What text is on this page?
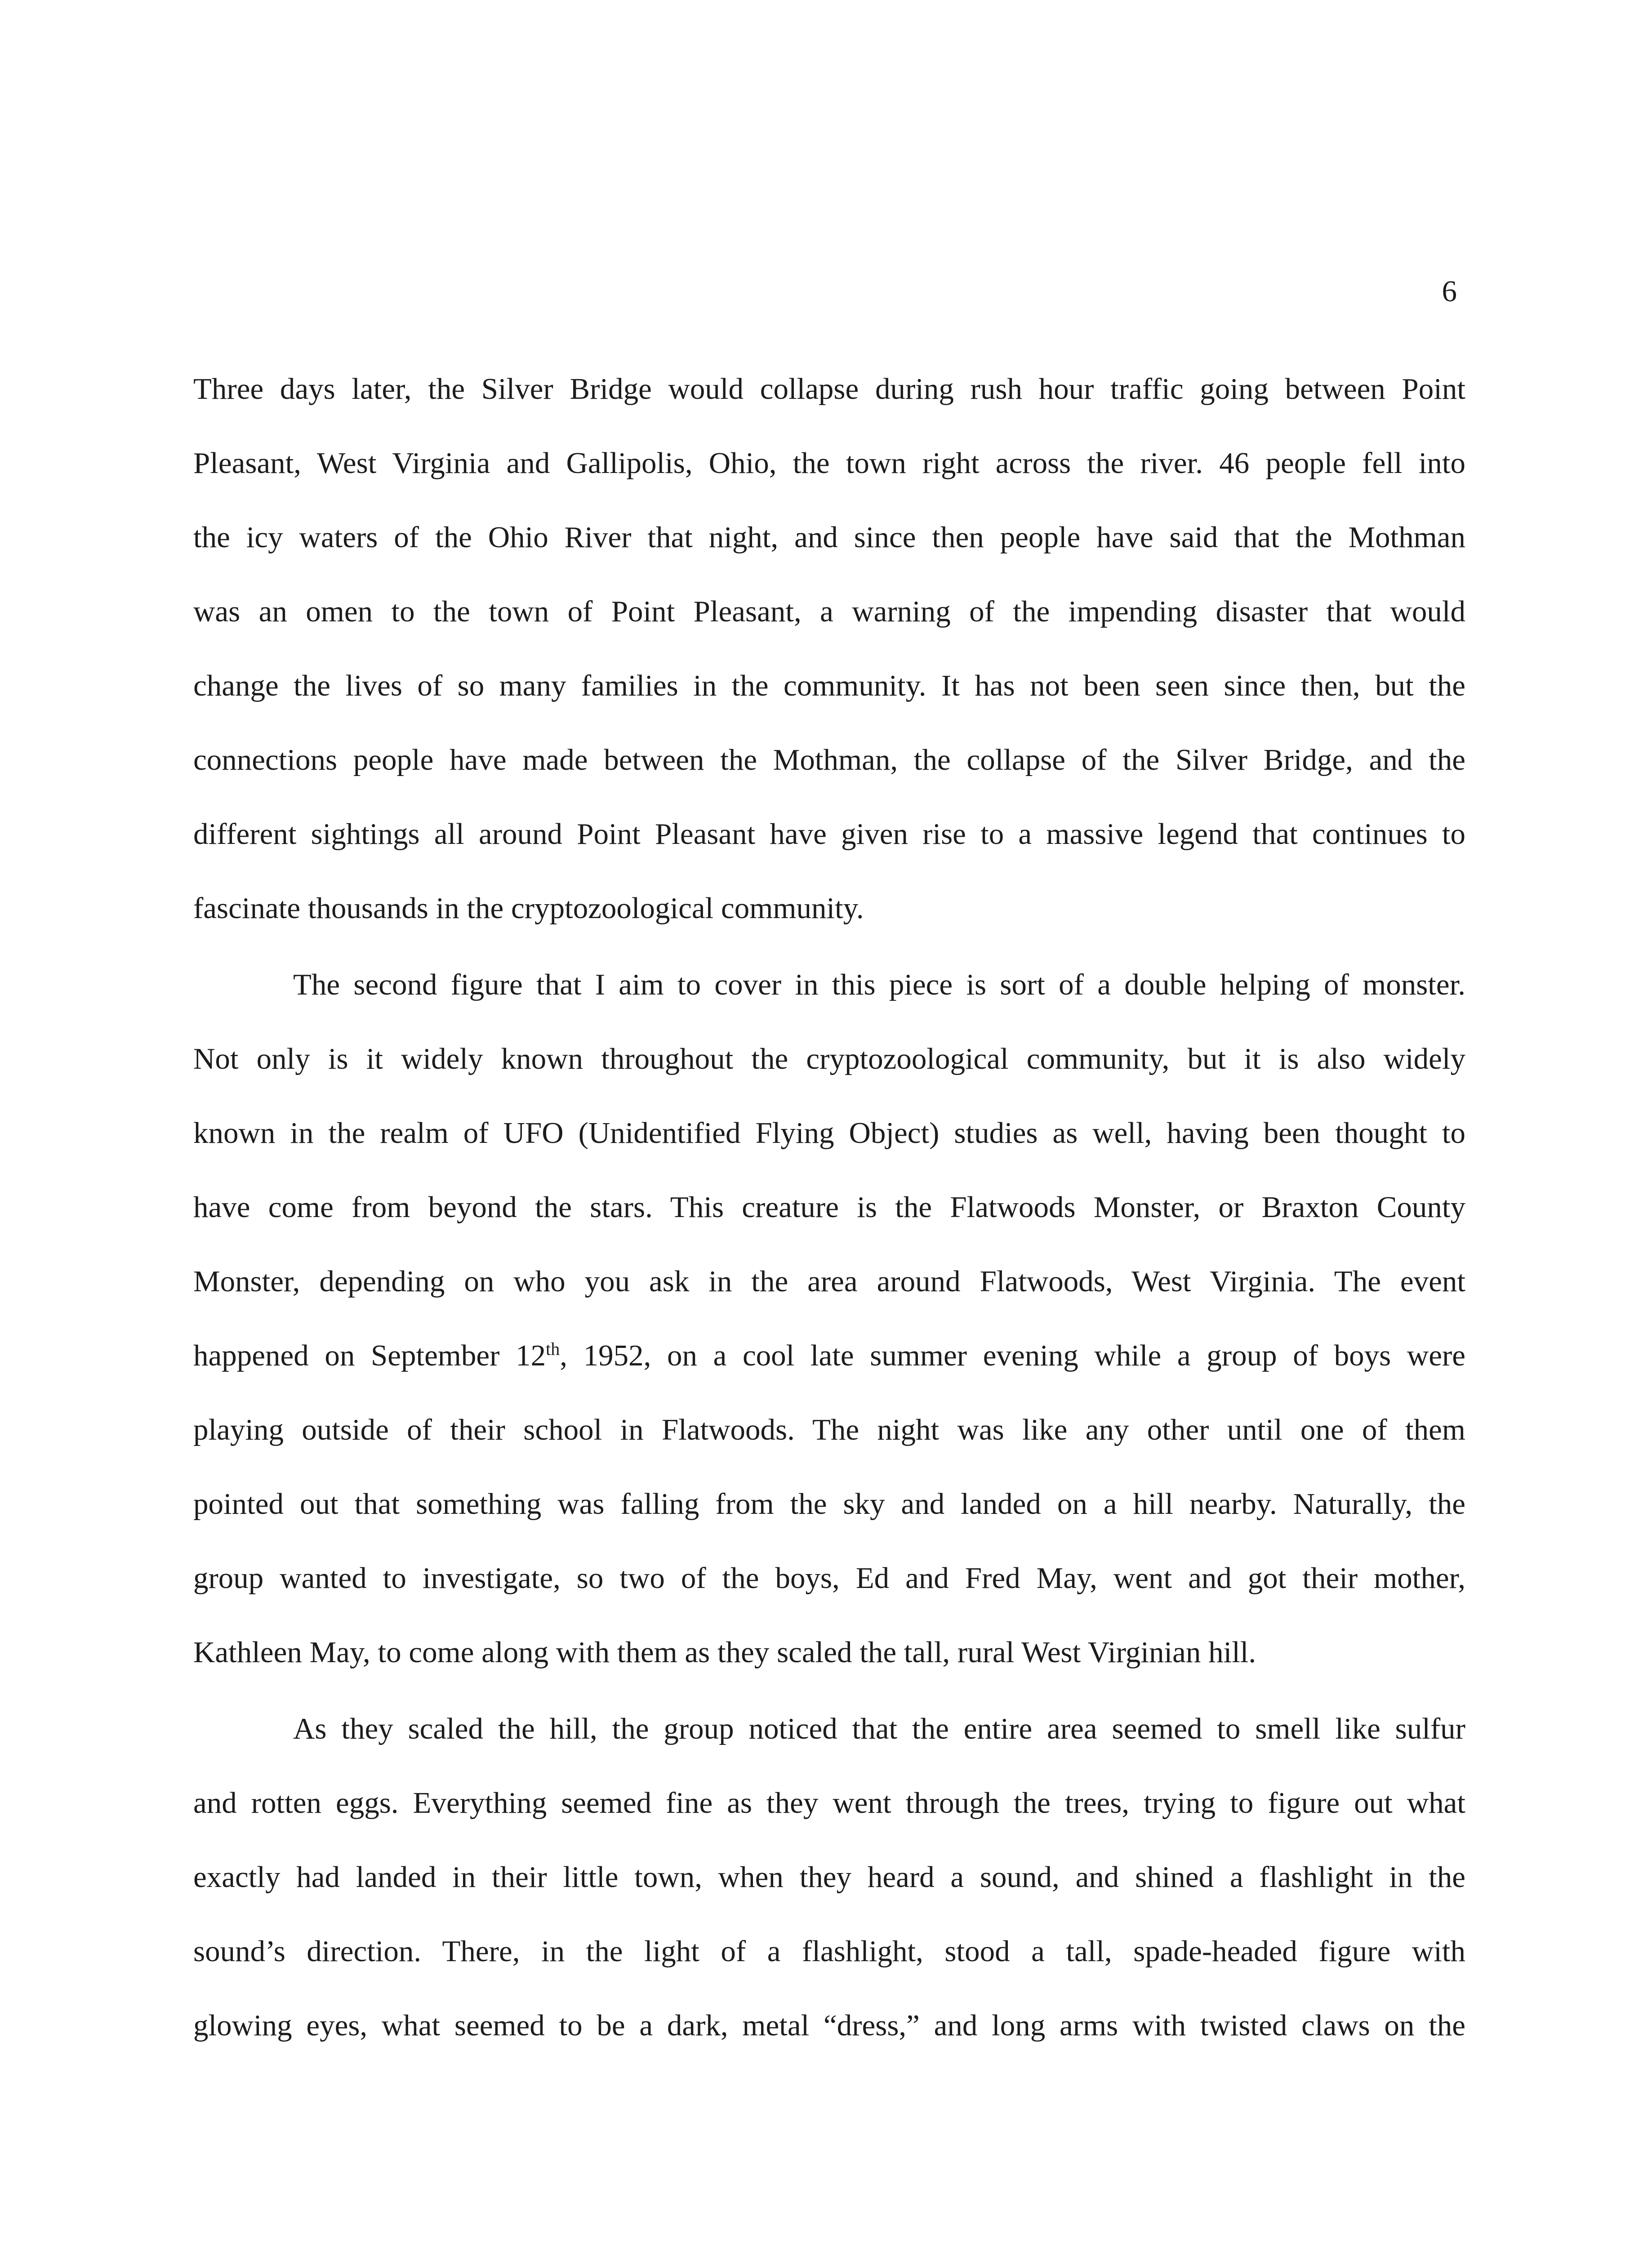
6
Three days later, the Silver Bridge would collapse during rush hour traffic going between Point
Pleasant, West Virginia and Gallipolis, Ohio, the town right across the river. 46 people fell into
the icy waters of the Ohio River that night, and since then people have said that the Mothman
was an omen to the town of Point Pleasant, a warning of the impending disaster that would
change the lives of so many families in the community. It has not been seen since then, but the
connections people have made between the Mothman, the collapse of the Silver Bridge, and the
different sightings all around Point Pleasant have given rise to a massive legend that continues to
fascinate thousands in the cryptozoological community.
The second figure that I aim to cover in this piece is sort of a double helping of monster.
Not only is it widely known throughout the cryptozoological community, but it is also widely
known in the realm of UFO (Unidentified Flying Object) studies as well, having been thought to
have come from beyond the stars. This creature is the Flatwoods Monster, or Braxton County
Monster, depending on who you ask in the area around Flatwoods, West Virginia. The event
happened on September 12th, 1952, on a cool late summer evening while a group of boys were
playing outside of their school in Flatwoods. The night was like any other until one of them
pointed out that something was falling from the sky and landed on a hill nearby. Naturally, the
group wanted to investigate, so two of the boys, Ed and Fred May, went and got their mother,
Kathleen May, to come along with them as they scaled the tall, rural West Virginian hill.
As they scaled the hill, the group noticed that the entire area seemed to smell like sulfur
and rotten eggs. Everything seemed fine as they went through the trees, trying to figure out what
exactly had landed in their little town, when they heard a sound, and shined a flashlight in the
sound’s direction. There, in the light of a flashlight, stood a tall, spade-headed figure with
glowing eyes, what seemed to be a dark, metal “dress,” and long arms with twisted claws on the
